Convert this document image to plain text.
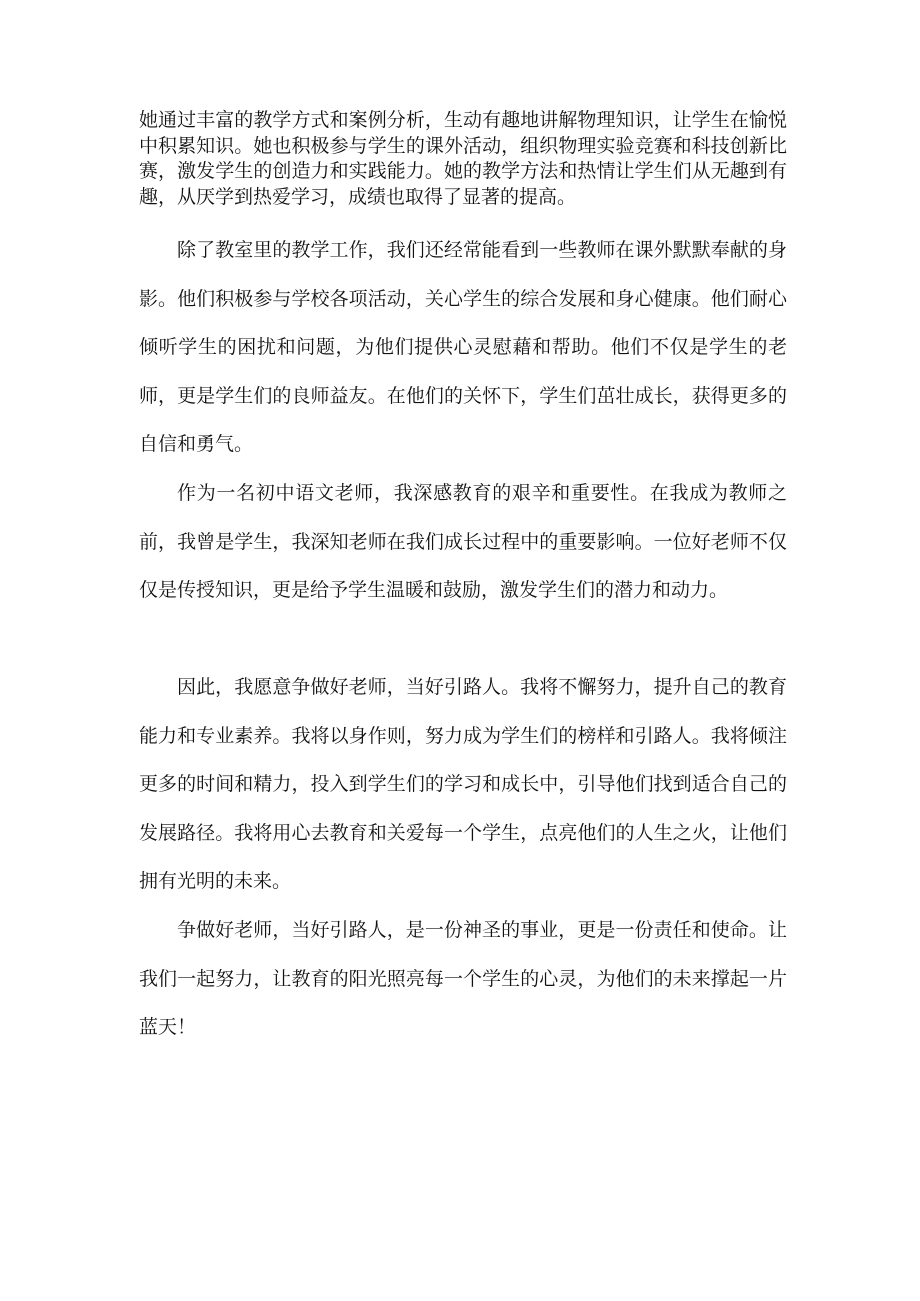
她通过丰富的教学方式和案例分析，生动有趣地讲解物理知识，让学生在愉悦中积累知识。她也积极参与学生的课外活动，组织物理实验竞赛和科技创新比赛，激发学生的创造力和实践能力。她的教学方法和热情让学生们从无趣到有趣，从厌学到热爱学习，成绩也取得了显著的提高。

除了教室里的教学工作，我们还经常能看到一些教师在课外默默奉献的身影。他们积极参与学校各项活动，关心学生的综合发展和身心健康。他们耐心倾听学生的困扰和问题，为他们提供心灵慰藉和帮助。他们不仅是学生的老师，更是学生们的良师益友。在他们的关怀下，学生们茁壮成长，获得更多的自信和勇气。

作为一名初中语文老师，我深感教育的艰辛和重要性。在我成为教师之前，我曾是学生，我深知老师在我们成长过程中的重要影响。一位好老师不仅仅是传授知识，更是给予学生温暖和鼓励，激发学生们的潜力和动力。

因此，我愿意争做好老师，当好引路人。我将不懈努力，提升自己的教育能力和专业素养。我将以身作则，努力成为学生们的榜样和引路人。我将倾注更多的时间和精力，投入到学生们的学习和成长中，引导他们找到适合自己的发展路径。我将用心去教育和关爱每一个学生，点亮他们的人生之火，让他们拥有光明的未来。

争做好老师，当好引路人，是一份神圣的事业，更是一份责任和使命。让我们一起努力，让教育的阳光照亮每一个学生的心灵，为他们的未来撑起一片蓝天！
